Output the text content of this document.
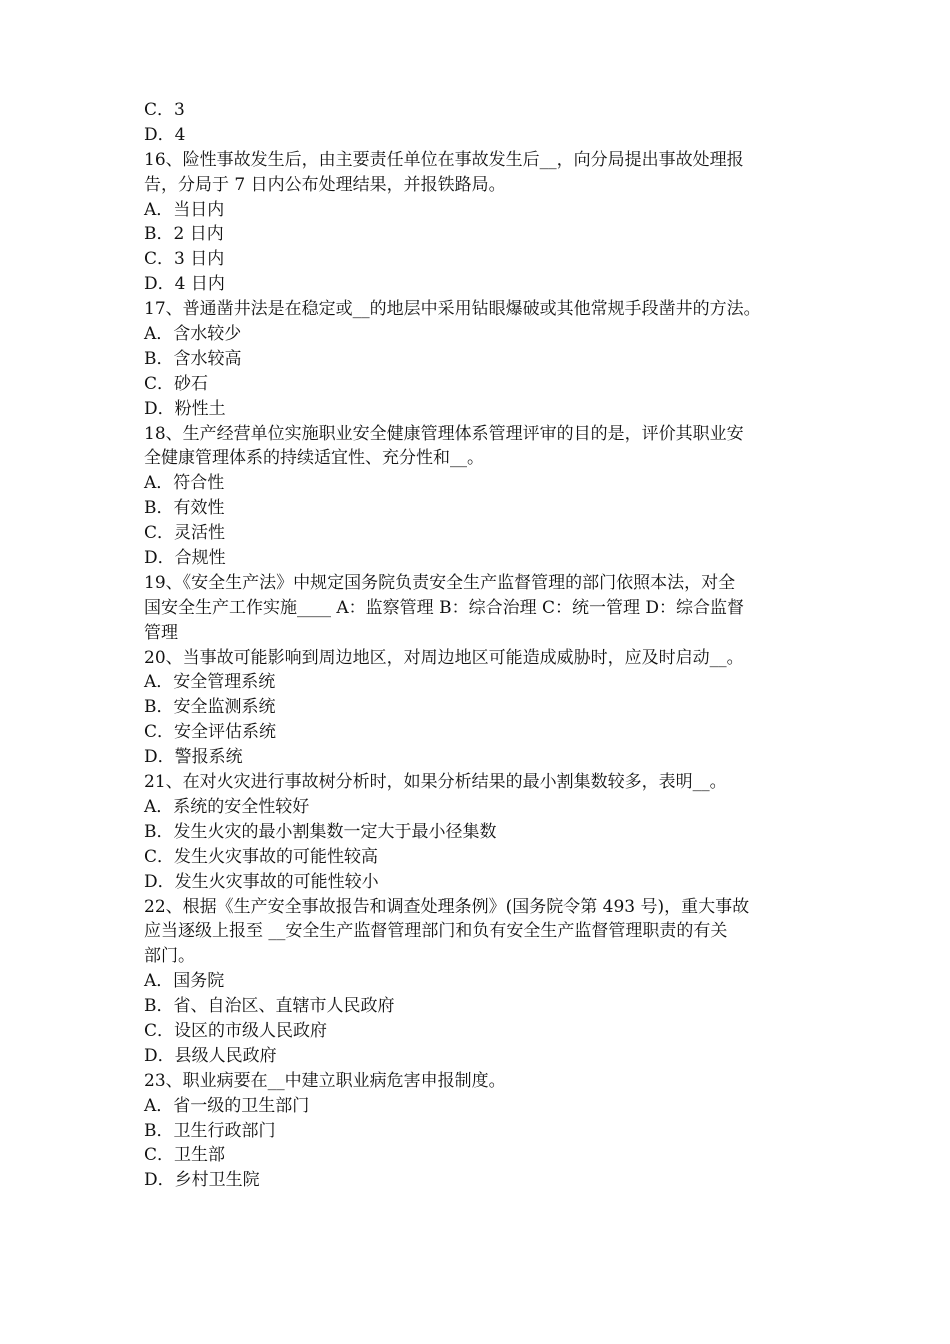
C．3
D．4
16、险性事故发生后，由主要责任单位在事故发生后__，向分局提出事故处理报
告，分局于 7 日内公布处理结果，并报铁路局。
A．当日内
B．2 日内
C．3 日内
D．4 日内
17、普通凿井法是在稳定或__的地层中采用钻眼爆破或其他常规手段凿井的方法。
A．含水较少
B．含水较高
C．砂石
D．粉性土
18、生产经营单位实施职业安全健康管理体系管理评审的目的是，评价其职业安
全健康管理体系的持续适宜性、充分性和__。
A．符合性
B．有效性
C．灵活性
D．合规性
19、《安全生产法》中规定国务院负责安全生产监督管理的部门依照本法，对全
国安全生产工作实施____ A：监察管理 B：综合治理 C：统一管理 D：综合监督
管理
20、当事故可能影响到周边地区，对周边地区可能造成威胁时，应及时启动__。
A．安全管理系统
B．安全监测系统
C．安全评估系统
D．警报系统
21、在对火灾进行事故树分析时，如果分析结果的最小割集数较多，表明__。
A．系统的安全性较好
B．发生火灾的最小割集数一定大于最小径集数
C．发生火灾事故的可能性较高
D．发生火灾事故的可能性较小
22、根据《生产安全事故报告和调查处理条例》(国务院令第 493 号)，重大事故
应当逐级上报至 __安全生产监督管理部门和负有安全生产监督管理职责的有关
部门。
A．国务院
B．省、自治区、直辖市人民政府
C．设区的市级人民政府
D．县级人民政府
23、职业病要在__中建立职业病危害申报制度。
A．省一级的卫生部门
B．卫生行政部门
C．卫生部
D．乡村卫生院
